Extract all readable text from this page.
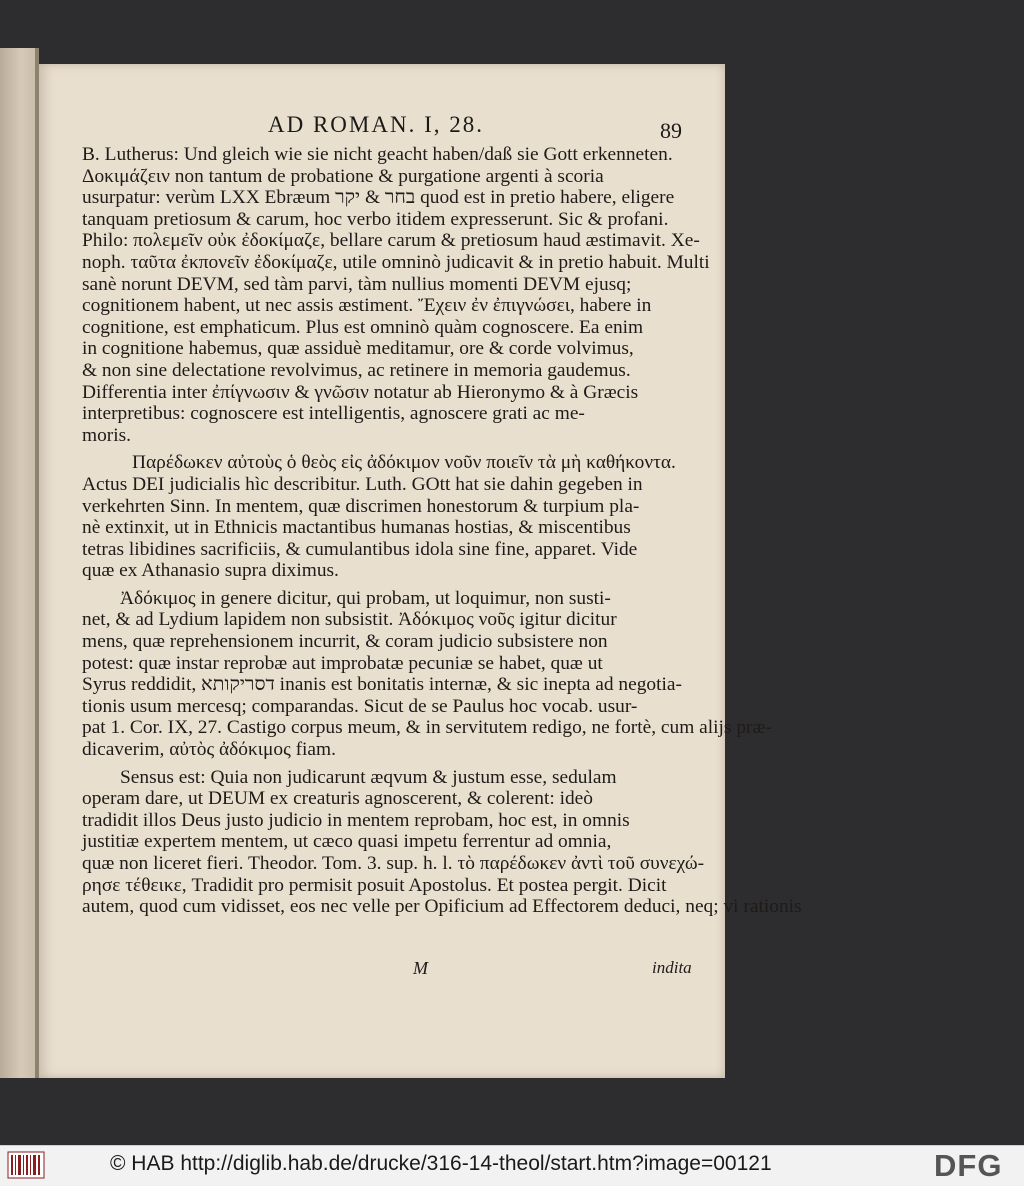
AD ROMAN. I, 28.	89
B. Lutherus: Und gleich wie sie nicht geacht haben/daß sie Gott erkenneten.
Δοκιμάζειν non tantum de probatione & purgatione argenti à scoria
usurpatur: verùm LXX Ebræum בחר & יקר quod est in pretio habere, eligere
tanquam pretiosum & carum, hoc verbo itidem expresserunt. Sic & profani.
Philo: πολεμεῖν οὐκ ἐδοκίμαζε, bellare carum & pretiosum haud æstimavit. Xe-
noph. ταῦτα ἐκπονεῖν ἐδοκίμαζε, utile omninò judicavit & in pretio habuit. Multi
sanè norunt DEVM, sed tàm parvi, tàm nullius momenti DEVM ejusq;
cognitionem habent, ut nec assis æstiment. Ἔχειν ἐν ἐπιγνώσει, habere in
cognitione, est emphaticum. Plus est omninò quàm cognoscere. Ea enim
in cognitione habemus, quæ assiduè meditamur, ore & corde volvimus,
& non sine delectatione revolvimus, ac retinere in memoria gaudemus.
Differentia inter ἐπίγνωσιν & γνῶσιν notatur ab Hieronymo & à Græcis
interpretibus: cognoscere est intelligentis, agnoscere grati ac me-
moris.
Παρέδωκεν αὐτοὺς ὁ θεὸς εἰς ἀδόκιμον νοῦν ποιεῖν τὰ μὴ καθήκοντα.
Actus DEI judicialis hìc describitur. Luth. GOtt hat sie dahin gegeben in
verkehrten Sinn. In mentem, quæ discrimen honestorum & turpium pla-
nè extinxit, ut in Ethnicis mactantibus humanas hostias, & miscentibus
tetras libidines sacrificiis, & cumulantibus idola sine fine, apparet. Vide
quæ ex Athanasio supra diximus.
Ἀδόκιμος in genere dicitur, qui probam, ut loquimur, non susti-
net, & ad Lydium lapidem non subsistit. Ἀδόκιμος νοῦς igitur dicitur
mens, quæ reprehensionem incurrit, & coram judicio subsistere non
potest: quæ instar reprobæ aut improbatæ pecuniæ se habet, quæ ut
Syrus reddidit, דסריקותא inanis est bonitatis internæ, & sic inepta ad negotia-
tionis usum mercesq; comparandas. Sicut de se Paulus hoc vocab. usur-
pat 1. Cor. IX, 27. Castigo corpus meum, & in servitutem redigo, ne fortè, cum alijs præ-
dicaverim, αὐτὸς ἀδόκιμος fiam.
Sensus est: Quia non judicarunt æqvum & justum esse, sedulam
operam dare, ut DEUM ex creaturis agnoscerent, & colerent: ideò
tradidit illos Deus justo judicio in mentem reprobam, hoc est, in omnis
justitiæ expertem mentem, ut cæco quasi impetu ferrentur ad omnia,
quæ non liceret fieri. Theodor. Tom. 3. sup. h. l. τὸ παρέδωκεν ἀντὶ τοῦ συνεχώ-
ρησε τέθεικε, Tradidit pro permisit posuit Apostolus. Et postea pergit. Dicit
autem, quod cum vidisset, eos nec velle per Opificium ad Effectorem deduci, neq; vi rationis
M	indita
© HAB http://diglib.hab.de/drucke/316-14-theol/start.htm?image=00121	DFG
